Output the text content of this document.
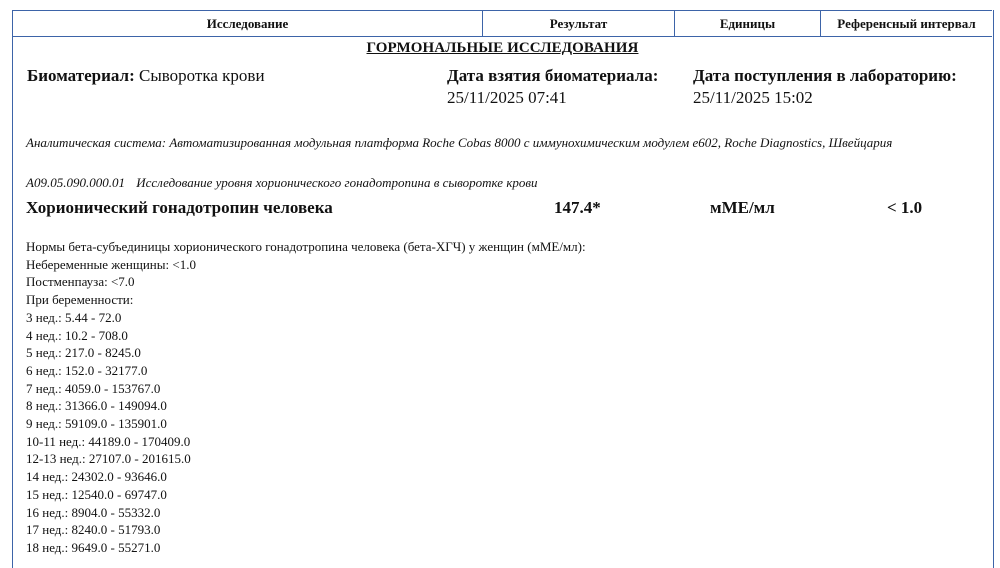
Исследование	Результат	Единицы	Референсный интервал
ГОРМОНАЛЬНЫЕ ИССЛЕДОВАНИЯ
Биоматериал: Сыворотка крови	Дата взятия биоматериала:
25/11/2025 07:41
Дата поступления в лабораторию:
25/11/2025 15:02
Аналитическая система: Автоматизированная модульная платформа Roche Cobas 8000 с иммунохимическим модулем e602, Roche Diagnostics, Швейцария
A09.05.090.000.01 Исследование уровня хорионического гонадотропина в сыворотке крови
Хорионический гонадотропин человека	147.4*	мМЕ/мл	< 1.0
Нормы бета-субъединицы хорионического гонадотропина человека (бета-ХГЧ) у женщин (мМЕ/мл):
Небеременные женщины: <1.0
Постменпауза: <7.0
При беременности:
3 нед.: 5.44 - 72.0
4 нед.: 10.2 - 708.0
5 нед.: 217.0 - 8245.0
6 нед.: 152.0 - 32177.0
7 нед.: 4059.0 - 153767.0
8 нед.: 31366.0 - 149094.0
9 нед.: 59109.0 - 135901.0
10-11 нед.: 44189.0 - 170409.0
12-13 нед.: 27107.0 - 201615.0
14 нед.: 24302.0 - 93646.0
15 нед.: 12540.0 - 69747.0
16 нед.: 8904.0 - 55332.0
17 нед.: 8240.0 - 51793.0
18 нед.: 9649.0 - 55271.0
